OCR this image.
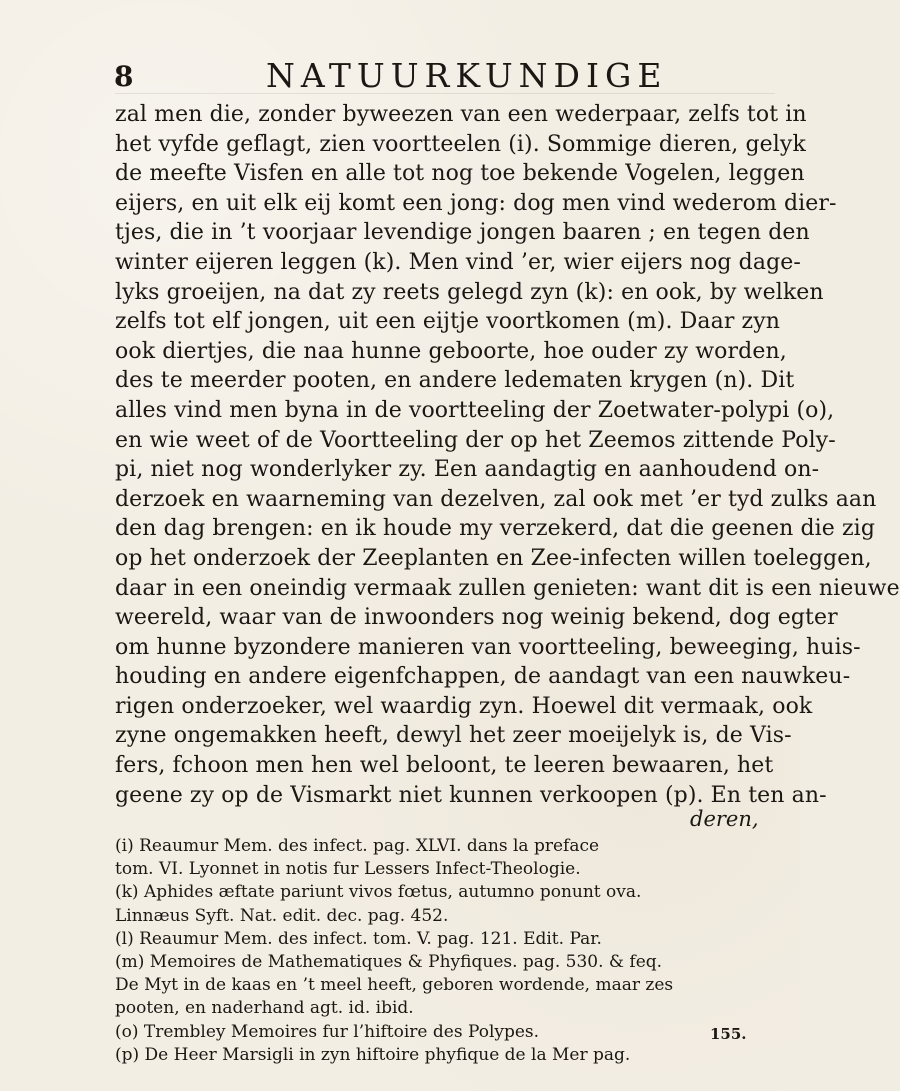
8	NATUURKUNDIGE
zal men die, zonder byweezen van een wederpaar, zelfs tot in
het vyfde geflagt, zien voortteelen (i). Sommige dieren, gelyk
de meefte Visfen en alle tot nog toe bekende Vogelen, leggen
eijers, en uit elk eij komt een jong: dog men vind wederom dier-
tjes, die in ’t voorjaar levendige jongen baaren ; en tegen den
winter eijeren leggen (k). Men vind ’er, wier eijers nog dage-
lyks groeijen, na dat zy reets gelegd zyn (k): en ook, by welken
zelfs tot elf jongen, uit een eijtje voortkomen (m). Daar zyn
ook diertjes, die naa hunne geboorte, hoe ouder zy worden,
des te meerder pooten, en andere ledematen krygen (n). Dit
alles vind men byna in de voortteeling der Zoetwater-polypi (o),
en wie weet of de Voortteeling der op het Zeemos zittende Poly-
pi, niet nog wonderlyker zy. Een aandagtig en aanhoudend on-
derzoek en waarneming van dezelven, zal ook met ’er tyd zulks aan
den dag brengen: en ik houde my verzekerd, dat die geenen die zig
op het onderzoek der Zeeplanten en Zee-infecten willen toeleggen,
daar in een oneindig vermaak zullen genieten: want dit is een nieuwe
weereld, waar van de inwoonders nog weinig bekend, dog egter
om hunne byzondere manieren van voortteeling, beweeging, huis-
houding en andere eigenfchappen, de aandagt van een nauwkeu-
rigen onderzoeker, wel waardig zyn. Hoewel dit vermaak, ook
zyne ongemakken heeft, dewyl het zeer moeijelyk is, de Vis-
fers, fchoon men hen wel beloont, te leeren bewaaren, het
geene zy op de Vismarkt niet kunnen verkoopen (p). En ten an-
deren,
(i) Reaumur Mem. des infect. pag. XLVI. dans la preface
tom. VI. Lyonnet in notis fur Lessers Infect-Theologie.
(k) Aphides æftate pariunt vivos fœtus, autumno ponunt ova.
Linnæus Syft. Nat. edit. dec. pag. 452.
(l) Reaumur Mem. des infect. tom. V. pag. 121. Edit. Par.
(m) Memoires de Mathematiques & Phyfiques. pag. 530. & feq.
De Myt in de kaas en ’t meel heeft, geboren wordende, maar zes
pooten, en naderhand agt. id. ibid.
(o) Trembley Memoires fur l’hiftoire des Polypes.
(p) De Heer Marsigli in zyn hiftoire phyfique de la Mer pag.
155.
